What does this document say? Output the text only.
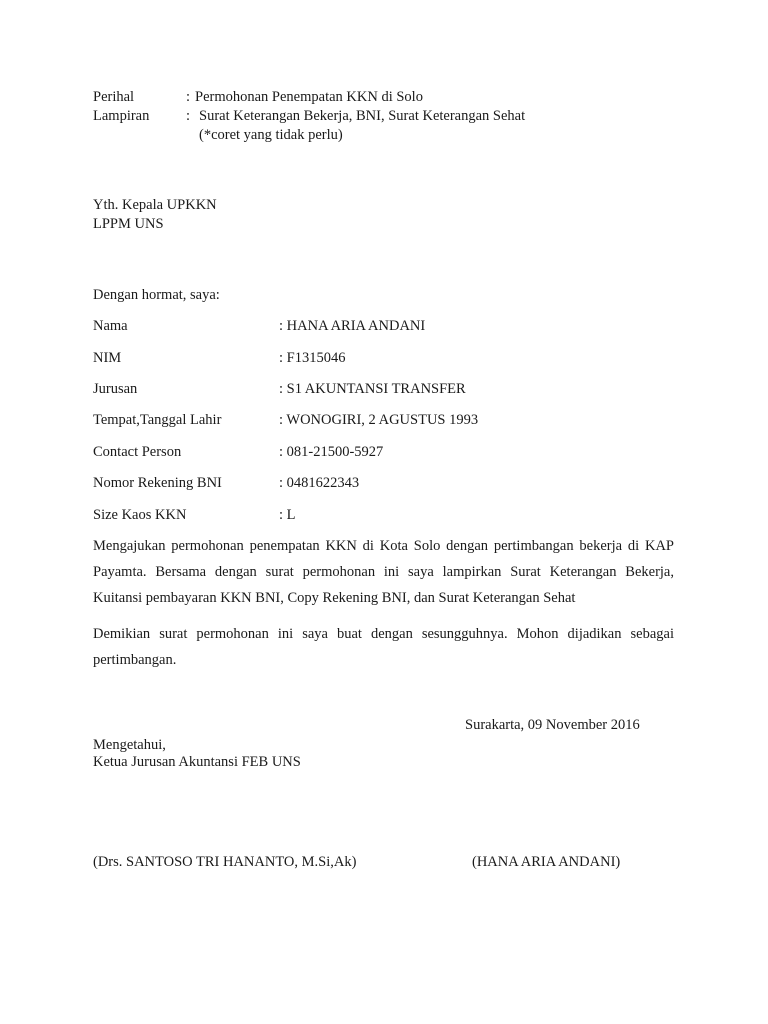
Perihal	: Permohonan Penempatan KKN di Solo
Lampiran	: Surat Keterangan Bekerja, BNI, Surat Keterangan Sehat
(*coret yang tidak perlu)
Yth. Kepala UPKKN
LPPM UNS
Dengan hormat, saya:
Nama	: HANA ARIA ANDANI
NIM	: F1315046
Jurusan	: S1 AKUNTANSI TRANSFER
Tempat,Tanggal Lahir	: WONOGIRI, 2 AGUSTUS 1993
Contact Person	: 081-21500-5927
Nomor Rekening BNI	: 0481622343
Size Kaos KKN	: L
Mengajukan permohonan penempatan KKN di Kota Solo dengan pertimbangan bekerja di KAP Payamta. Bersama dengan surat permohonan ini saya lampirkan Surat Keterangan Bekerja, Kuitansi pembayaran KKN BNI, Copy Rekening BNI, dan Surat Keterangan Sehat
Demikian surat permohonan ini saya buat dengan sesungguhnya. Mohon dijadikan sebagai pertimbangan.
Surakarta, 09 November 2016
Mengetahui,
Ketua Jurusan Akuntansi FEB UNS
(Drs. SANTOSO TRI HANANTO, M.Si,Ak)	(HANA ARIA ANDANI)
